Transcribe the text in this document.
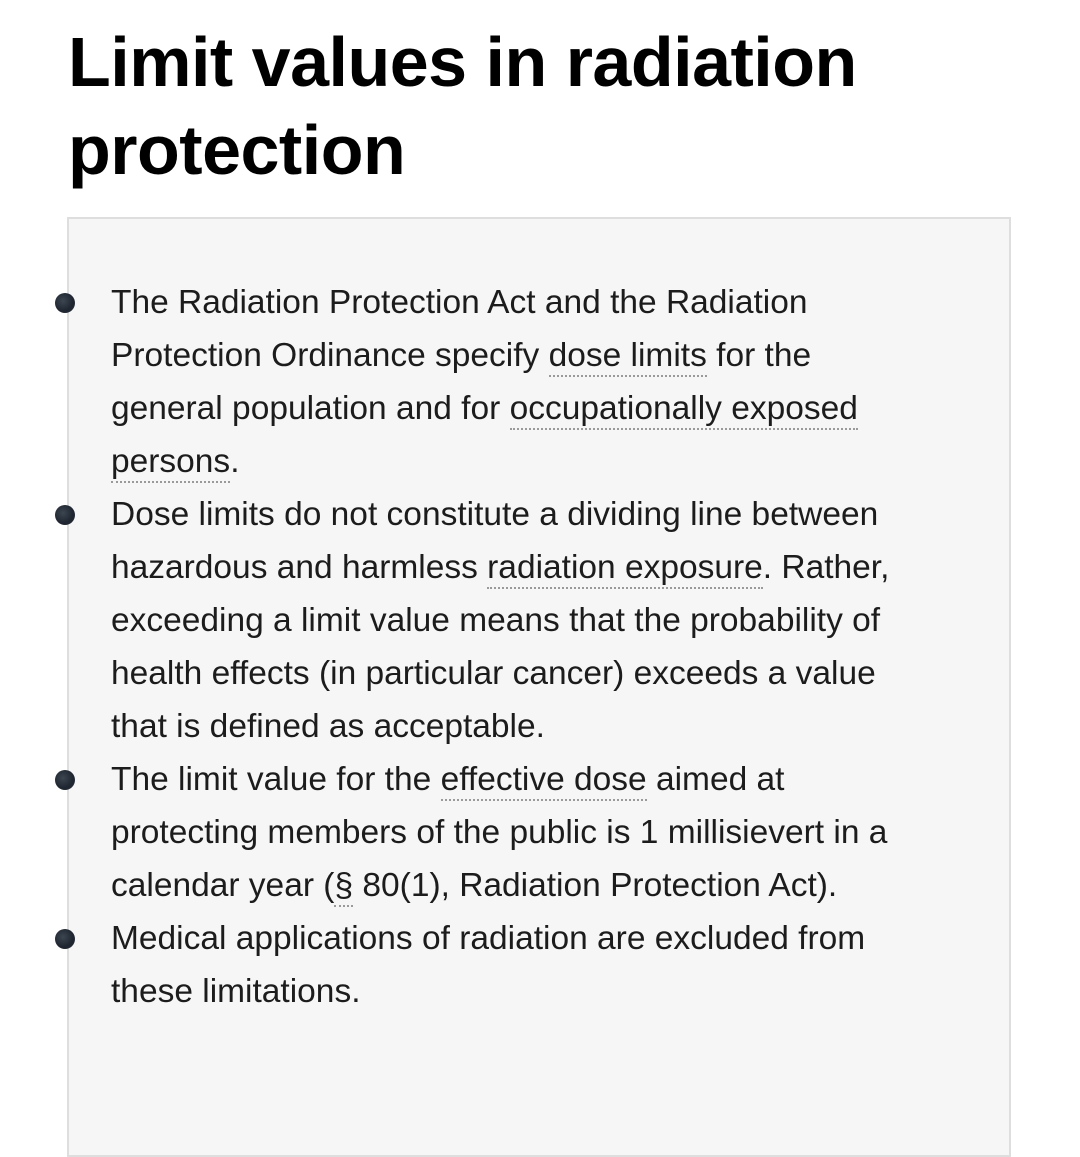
Limit values in radiation protection
The Radiation Protection Act and the Radiation Protection Ordinance specify dose limits for the general population and for occupationally exposed persons.
Dose limits do not constitute a dividing line between hazardous and harmless radiation exposure. Rather, exceeding a limit value means that the probability of health effects (in particular cancer) exceeds a value that is defined as acceptable.
The limit value for the effective dose aimed at protecting members of the public is 1 millisievert in a calendar year (§ 80(1), Radiation Protection Act).
Medical applications of radiation are excluded from these limitations.
